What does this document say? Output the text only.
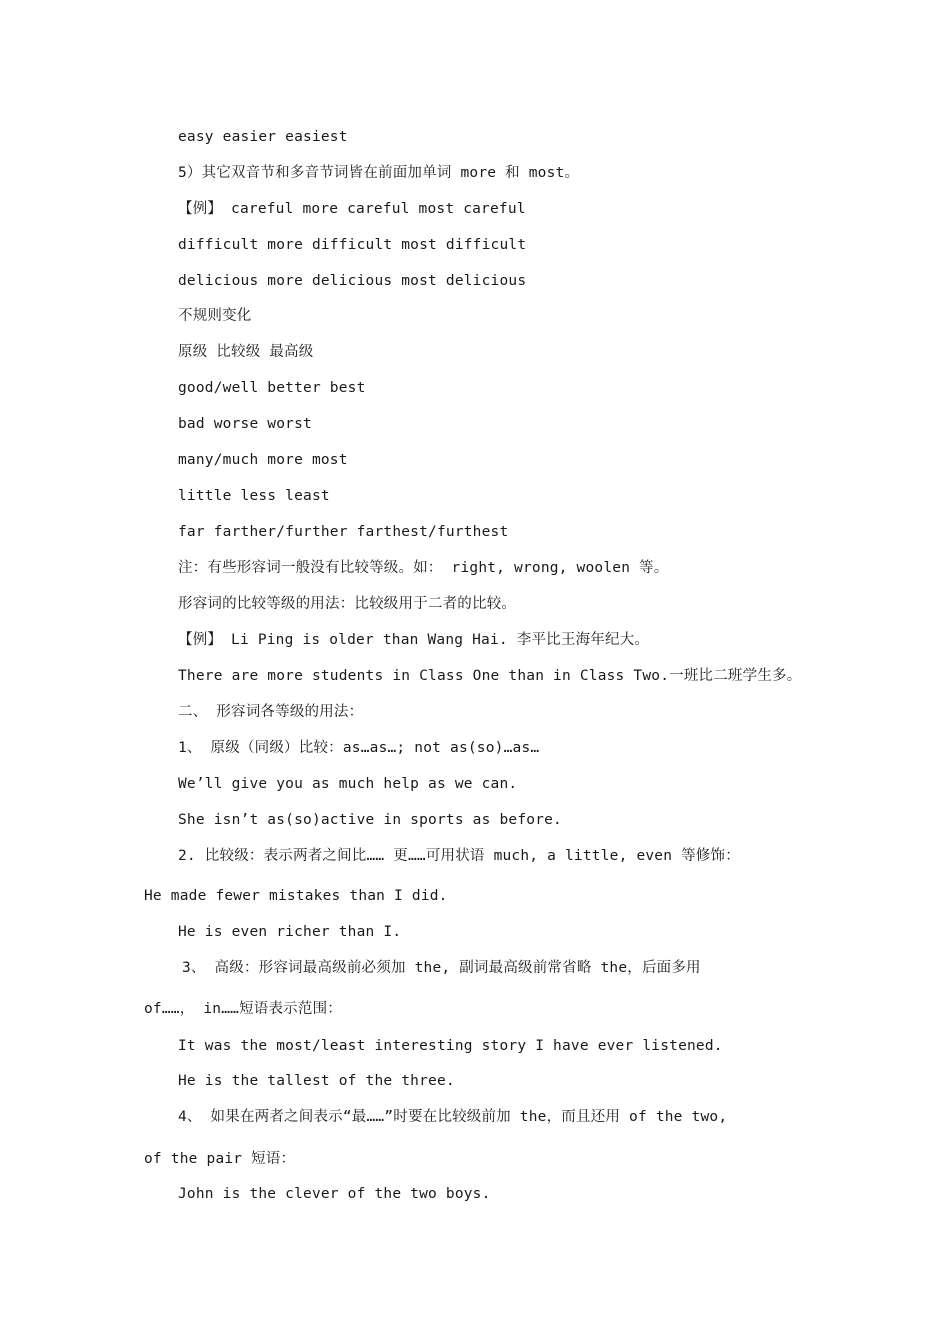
easy easier easiest
5）其它双音节和多音节词皆在前面加单词 more 和 most。
【例】 careful more careful most careful
difficult more difficult most difficult
delicious more delicious most delicious
不规则变化
原级 比较级 最高级
good/well better best
bad worse worst
many/much more most
little less least
far farther/further farthest/furthest
注：有些形容词一般没有比较等级。如： right, wrong, woolen 等。
形容词的比较等级的用法：比较级用于二者的比较。
【例】 Li Ping is older than Wang Hai. 李平比王海年纪大。
There are more students in Class One than in Class Two.一班比二班学生多。
二、 形容词各等级的用法：
1、 原级（同级）比较：as…as…; not as(so)…as…
We’ll give you as much help as we can.
She isn’t as(so)active in sports as before.
2. 比较级：表示两者之间比…… 更……可用状语 much, a little, even 等修饰：
He made fewer mistakes than I did.
He is even richer than I.
3、 高级：形容词最高级前必须加 the, 副词最高级前常省略 the，后面多用
of……， in……短语表示范围：
It was the most/least interesting story I have ever listened.
He is the tallest of the three.
4、 如果在两者之间表示“最……”时要在比较级前加 the，而且还用 of the two,
of the pair 短语：
John is the clever of the two boys.
